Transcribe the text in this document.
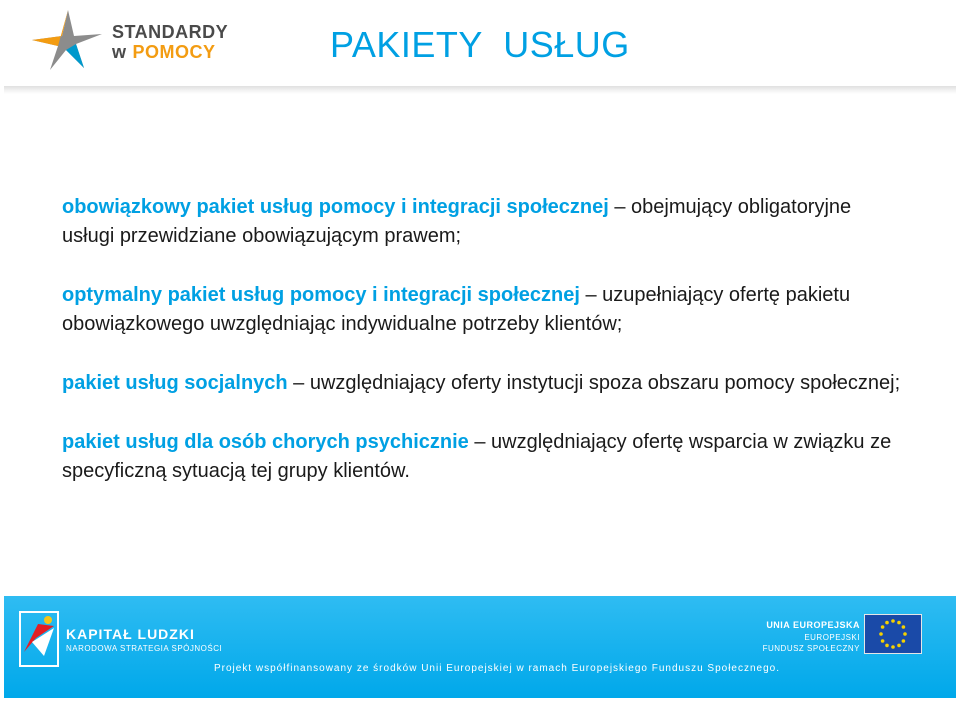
STANDARDY
w POMOCY	PAKIETY  USŁUG

obowiązkowy pakiet usług pomocy i integracji społecznej – obejmujący obligatoryjne usługi przewidziane obowiązującym prawem;

optymalny pakiet usług pomocy i integracji społecznej – uzupełniający ofertę pakietu obowiązkowego uwzględniając indywidualne potrzeby klientów;

pakiet usług socjalnych – uwzględniający oferty instytucji spoza obszaru pomocy społecznej;

pakiet usług dla osób chorych psychicznie – uwzględniający ofertę wsparcia w związku ze specyficzną sytuacją tej grupy klientów.

KAPITAŁ LUDZKI
NARODOWA STRATEGIA SPÓJNOŚCI
UNIA EUROPEJSKA
EUROPEJSKI
FUNDUSZ SPOŁECZNY
Projekt współfinansowany ze środków Unii Europejskiej w ramach Europejskiego Funduszu Społecznego.
